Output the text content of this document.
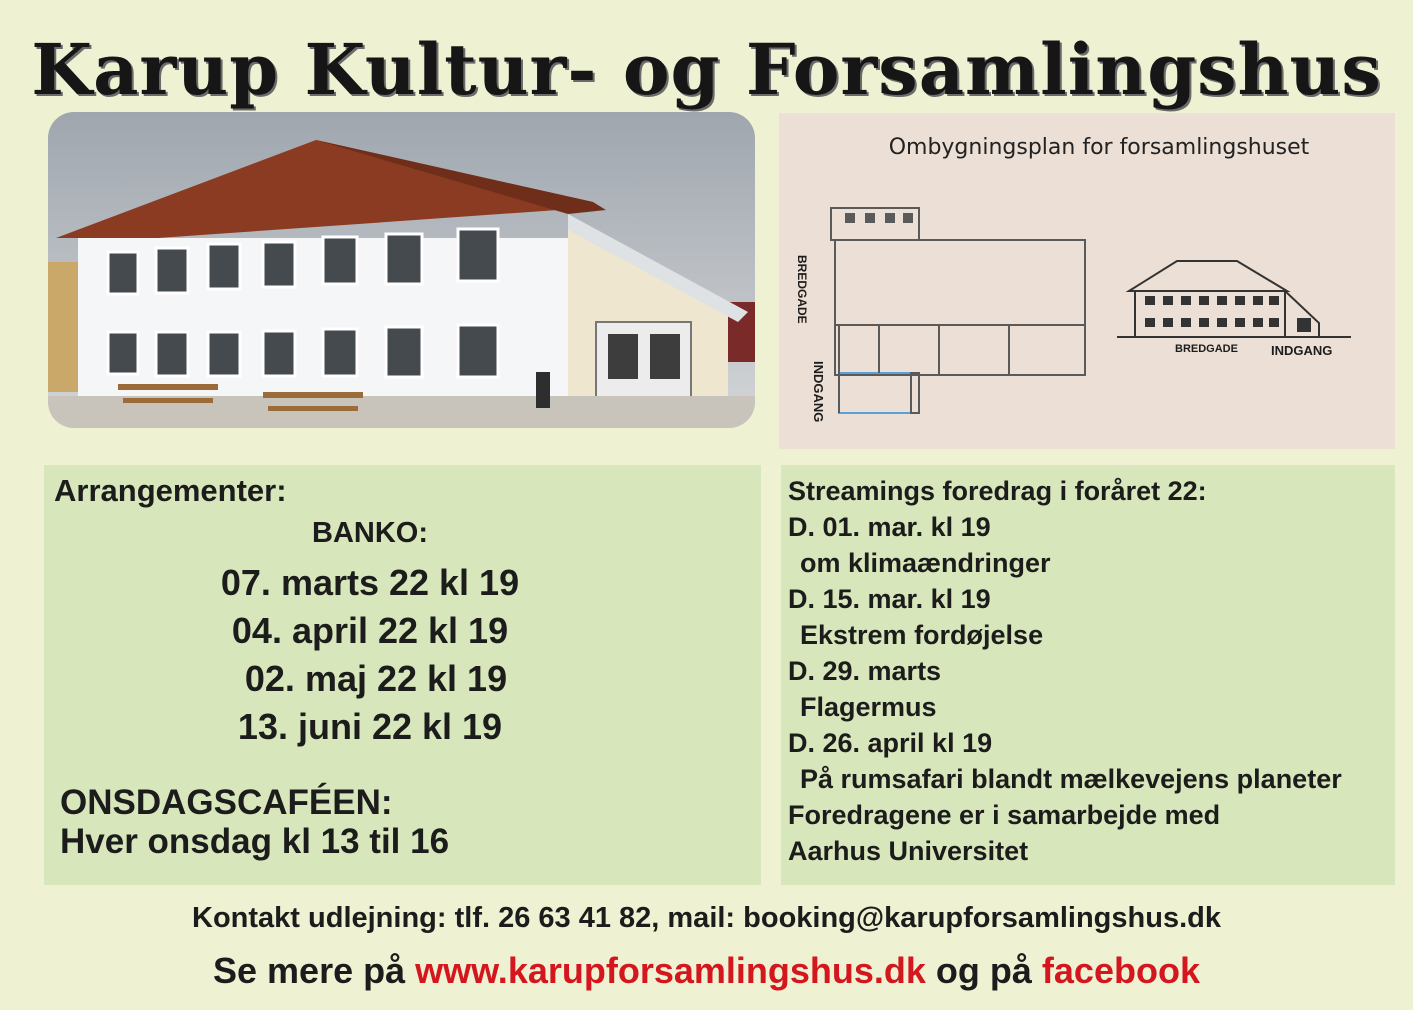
Karup Kultur- og Forsamlingshus
Ombygningsplan for forsamlingshuset
BREDGADE
INDGANG
BREDGADE	INDGANG
Arrangementer:
BANKO:
07. marts 22 kl 19
04. april 22 kl 19
02. maj 22 kl 19
13. juni 22 kl 19
ONSDAGSCAFÉEN:
Hver onsdag kl 13 til 16
Streamings foredrag i foråret 22:
D. 01. mar. kl 19
om klimaændringer
D. 15. mar. kl 19
Ekstrem fordøjelse
D. 29. marts
Flagermus
D. 26. april kl 19
På rumsafari blandt mælkevejens planeter
Foredragene er i samarbejde med
Aarhus Universitet
Kontakt udlejning: tlf. 26 63 41 82, mail: booking@karupforsamlingshus.dk
Se mere på www.karupforsamlingshus.dk og på facebook
